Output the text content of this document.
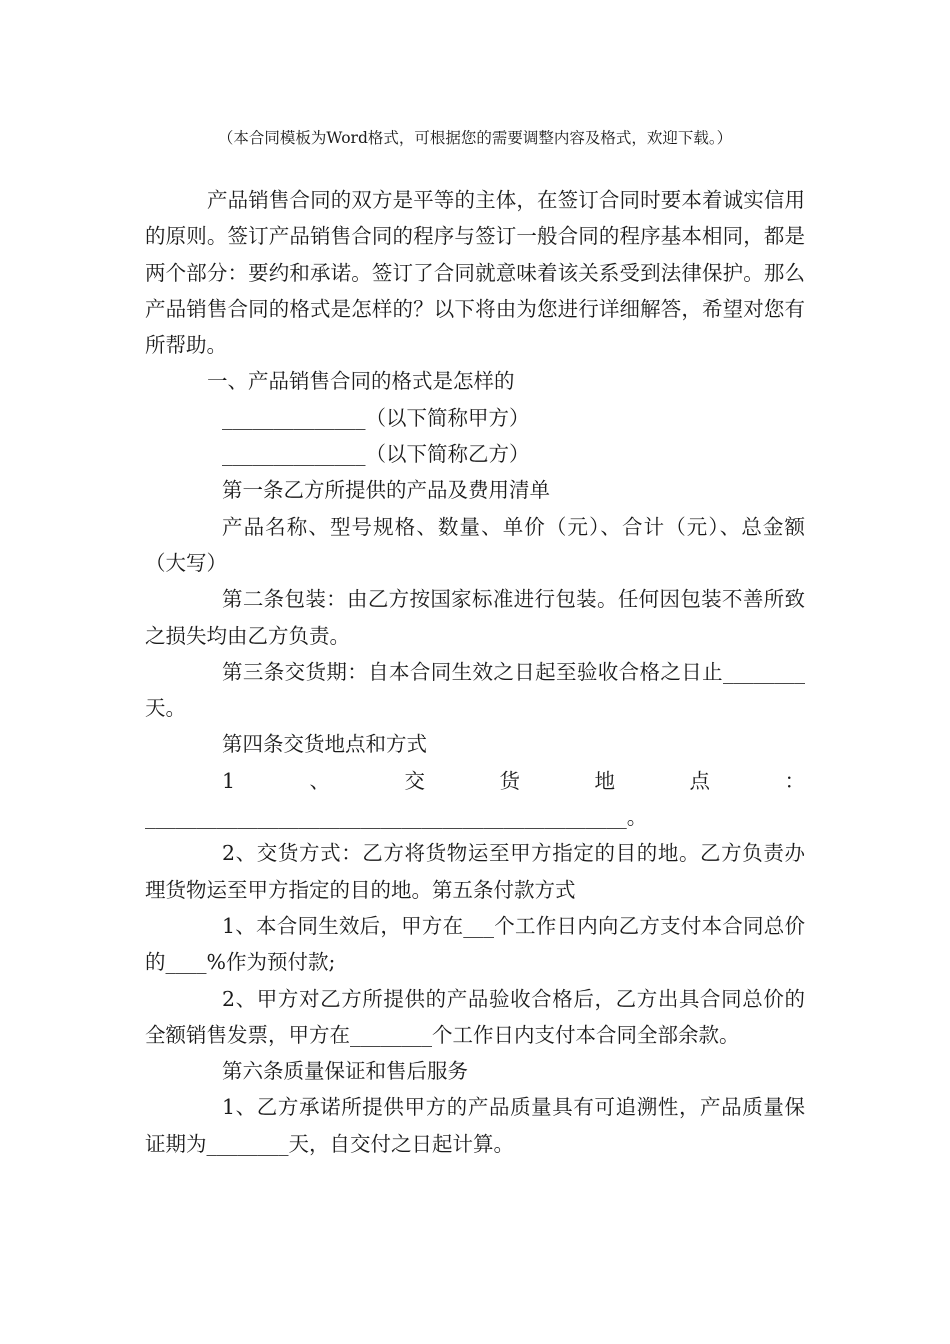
（本合同模板为Word格式，可根据您的需要调整内容及格式，欢迎下载。）

产品销售合同的双方是平等的主体，在签订合同时要本着诚实信用的原则。签订产品销售合同的程序与签订一般合同的程序基本相同，都是两个部分：要约和承诺。签订了合同就意味着该关系受到法律保护。那么产品销售合同的格式是怎样的？以下将由为您进行详细解答，希望对您有所帮助。

一、产品销售合同的格式是怎样的

______________（以下简称甲方）

______________（以下简称乙方）

第一条乙方所提供的产品及费用清单

产品名称、型号规格、数量、单价（元）、合计（元）、总金额（大写）

第二条包装：由乙方按国家标准进行包装。任何因包装不善所致之损失均由乙方负责。

第三条交货期：自本合同生效之日起至验收合格之日止________天。

第四条交货地点和方式

1、交货地点：_______________________________________________。

2、交货方式：乙方将货物运至甲方指定的目的地。乙方负责办理货物运至甲方指定的目的地。第五条付款方式

1、本合同生效后，甲方在___个工作日内向乙方支付本合同总价的____%作为预付款;

2、甲方对乙方所提供的产品验收合格后，乙方出具合同总价的全额销售发票，甲方在________个工作日内支付本合同全部余款。

第六条质量保证和售后服务

1、乙方承诺所提供甲方的产品质量具有可追溯性，产品质量保证期为________天，自交付之日起计算。
